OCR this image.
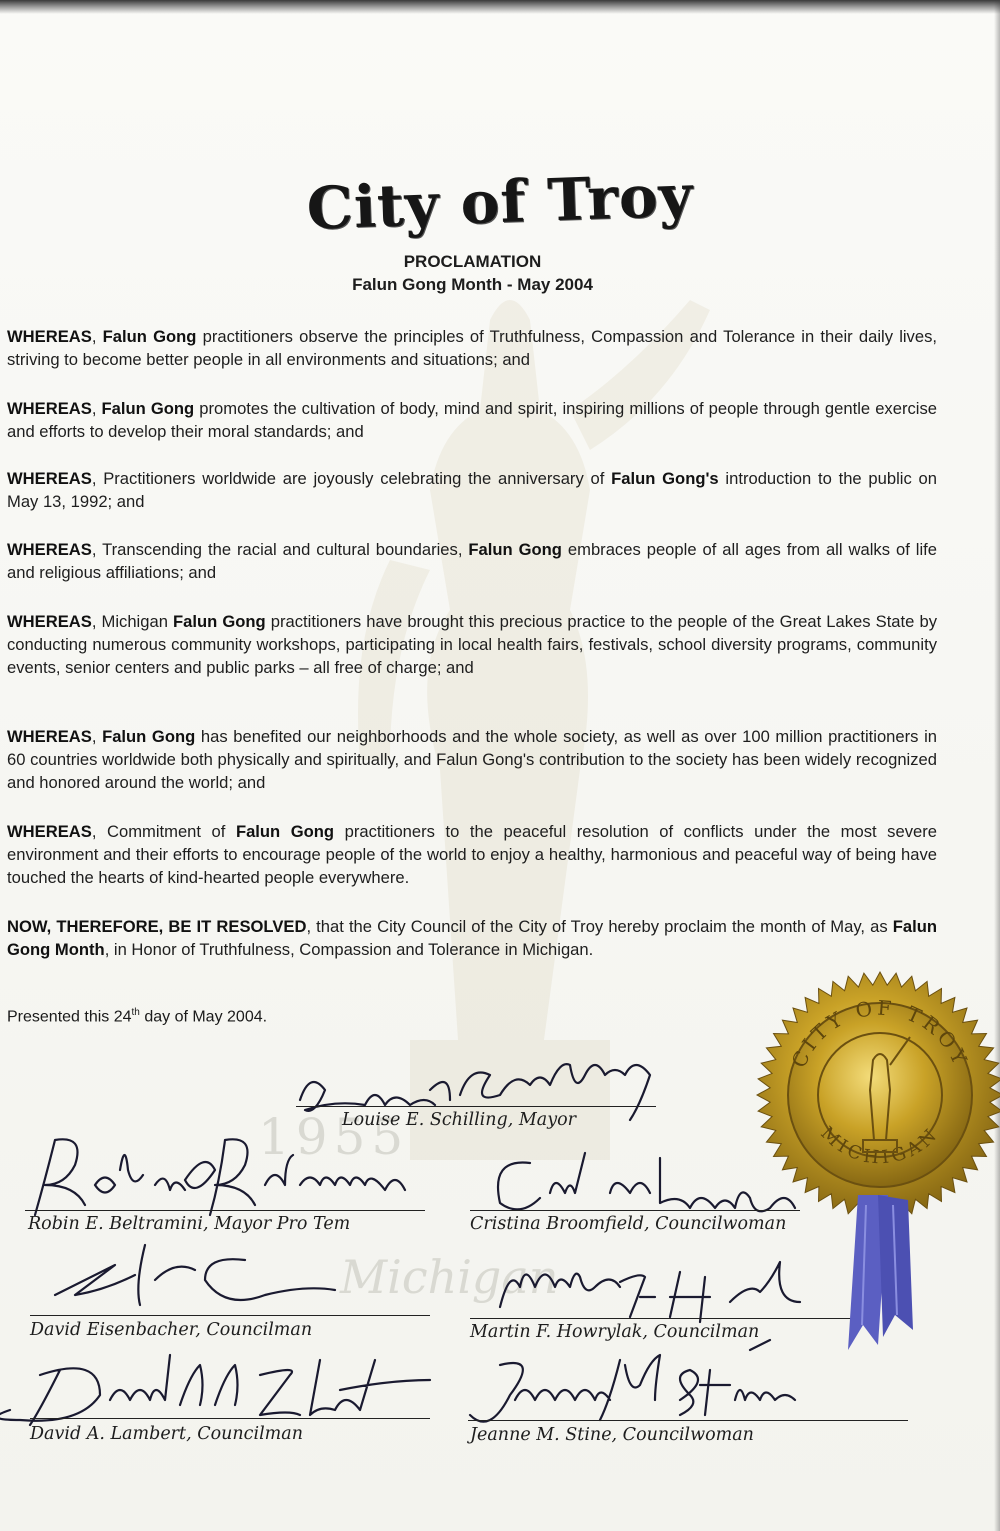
1955
Michigan
City of Troy
PROCLAMATION
Falun Gong Month - May 2004
WHEREAS, Falun Gong practitioners observe the principles of Truthfulness, Compassion and Tolerance in their daily lives, striving to become better people in all environments and situations; and
WHEREAS, Falun Gong promotes the cultivation of body, mind and spirit, inspiring millions of people through gentle exercise and efforts to develop their moral standards; and
WHEREAS, Practitioners worldwide are joyously celebrating the anniversary of Falun Gong's introduction to the public on May 13, 1992; and
WHEREAS, Transcending the racial and cultural boundaries, Falun Gong embraces people of all ages from all walks of life and religious affiliations; and
WHEREAS, Michigan Falun Gong practitioners have brought this precious practice to the people of the Great Lakes State by conducting numerous community workshops, participating in local health fairs, festivals, school diversity programs, community events, senior centers and public parks – all free of charge; and
WHEREAS, Falun Gong has benefited our neighborhoods and the whole society, as well as over 100 million practitioners in 60 countries worldwide both physically and spiritually, and Falun Gong's contribution to the society has been widely recognized and honored around the world; and
WHEREAS, Commitment of Falun Gong practitioners to the peaceful resolution of conflicts under the most severe environment and their efforts to encourage people of the world to enjoy a healthy, harmonious and peaceful way of being have touched the hearts of kind-hearted people everywhere.
NOW, THEREFORE, BE IT RESOLVED, that the City Council of the City of Troy hereby proclaim the month of May, as Falun Gong Month, in Honor of Truthfulness, Compassion and Tolerance in Michigan.
Presented this 24th day of May 2004.
Louise E. Schilling, Mayor
Robin E. Beltramini, Mayor Pro Tem	Cristina Broomfield, Councilwoman
David Eisenbacher, Councilman	Martin F. Howrylak, Councilman
David A. Lambert, Councilman	Jeanne M. Stine, Councilwoman
CITY OF TROY
MICHIGAN
